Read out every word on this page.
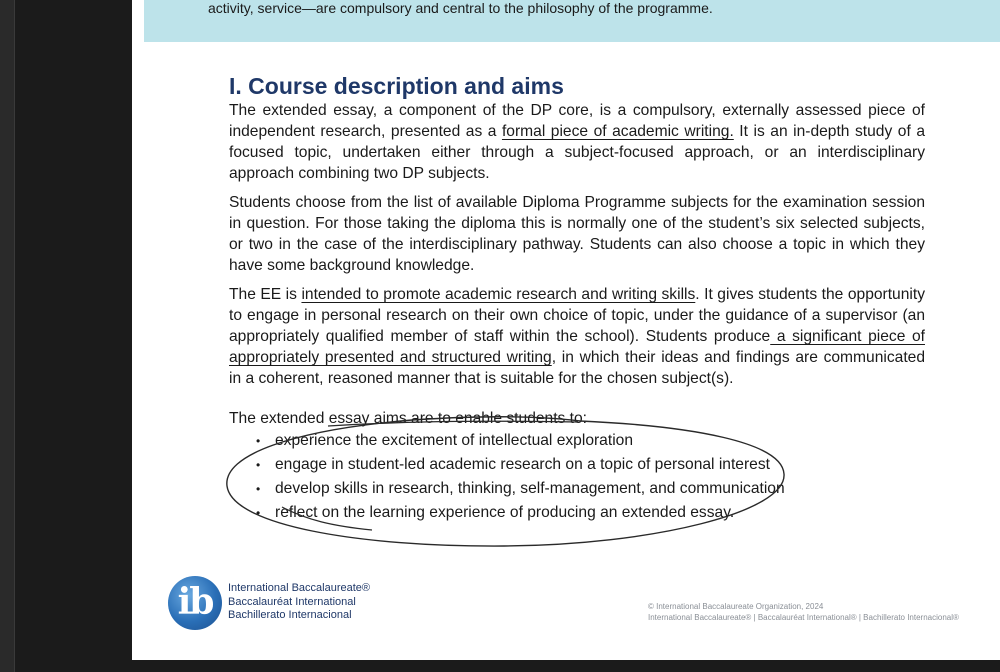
activity, service—are compulsory and central to the philosophy of the programme.
I. Course description and aims

The extended essay, a component of the DP core, is a compulsory, externally assessed piece of independent research, presented as a formal piece of academic writing. It is an in-depth study of a focused topic, undertaken either through a subject-focused approach, or an interdisciplinary approach combining two DP subjects.

Students choose from the list of available Diploma Programme subjects for the examination session in question. For those taking the diploma this is normally one of the student’s six selected subjects, or two in the case of the interdisciplinary pathway. Students can also choose a topic in which they have some background knowledge.

The EE is intended to promote academic research and writing skills. It gives students the opportunity to engage in personal research on their own choice of topic, under the guidance of a supervisor (an appropriately qualified member of staff within the school). Students produce a significant piece of appropriately presented and structured writing, in which their ideas and findings are communicated in a coherent, reasoned manner that is suitable for the chosen subject(s).

The extended essay aims are to enable students to:

• experience the excitement of intellectual exploration
• engage in student-led academic research on a topic of personal interest
• develop skills in research, thinking, self-management, and communication
• reflect on the learning experience of producing an extended essay.
ib	International Baccalaureate®
Baccalauréat International
Bachillerato Internacional
© International Baccalaureate Organization, 2024
International Baccalaureate® | Baccalauréat International® | Bachillerato Internacional®
